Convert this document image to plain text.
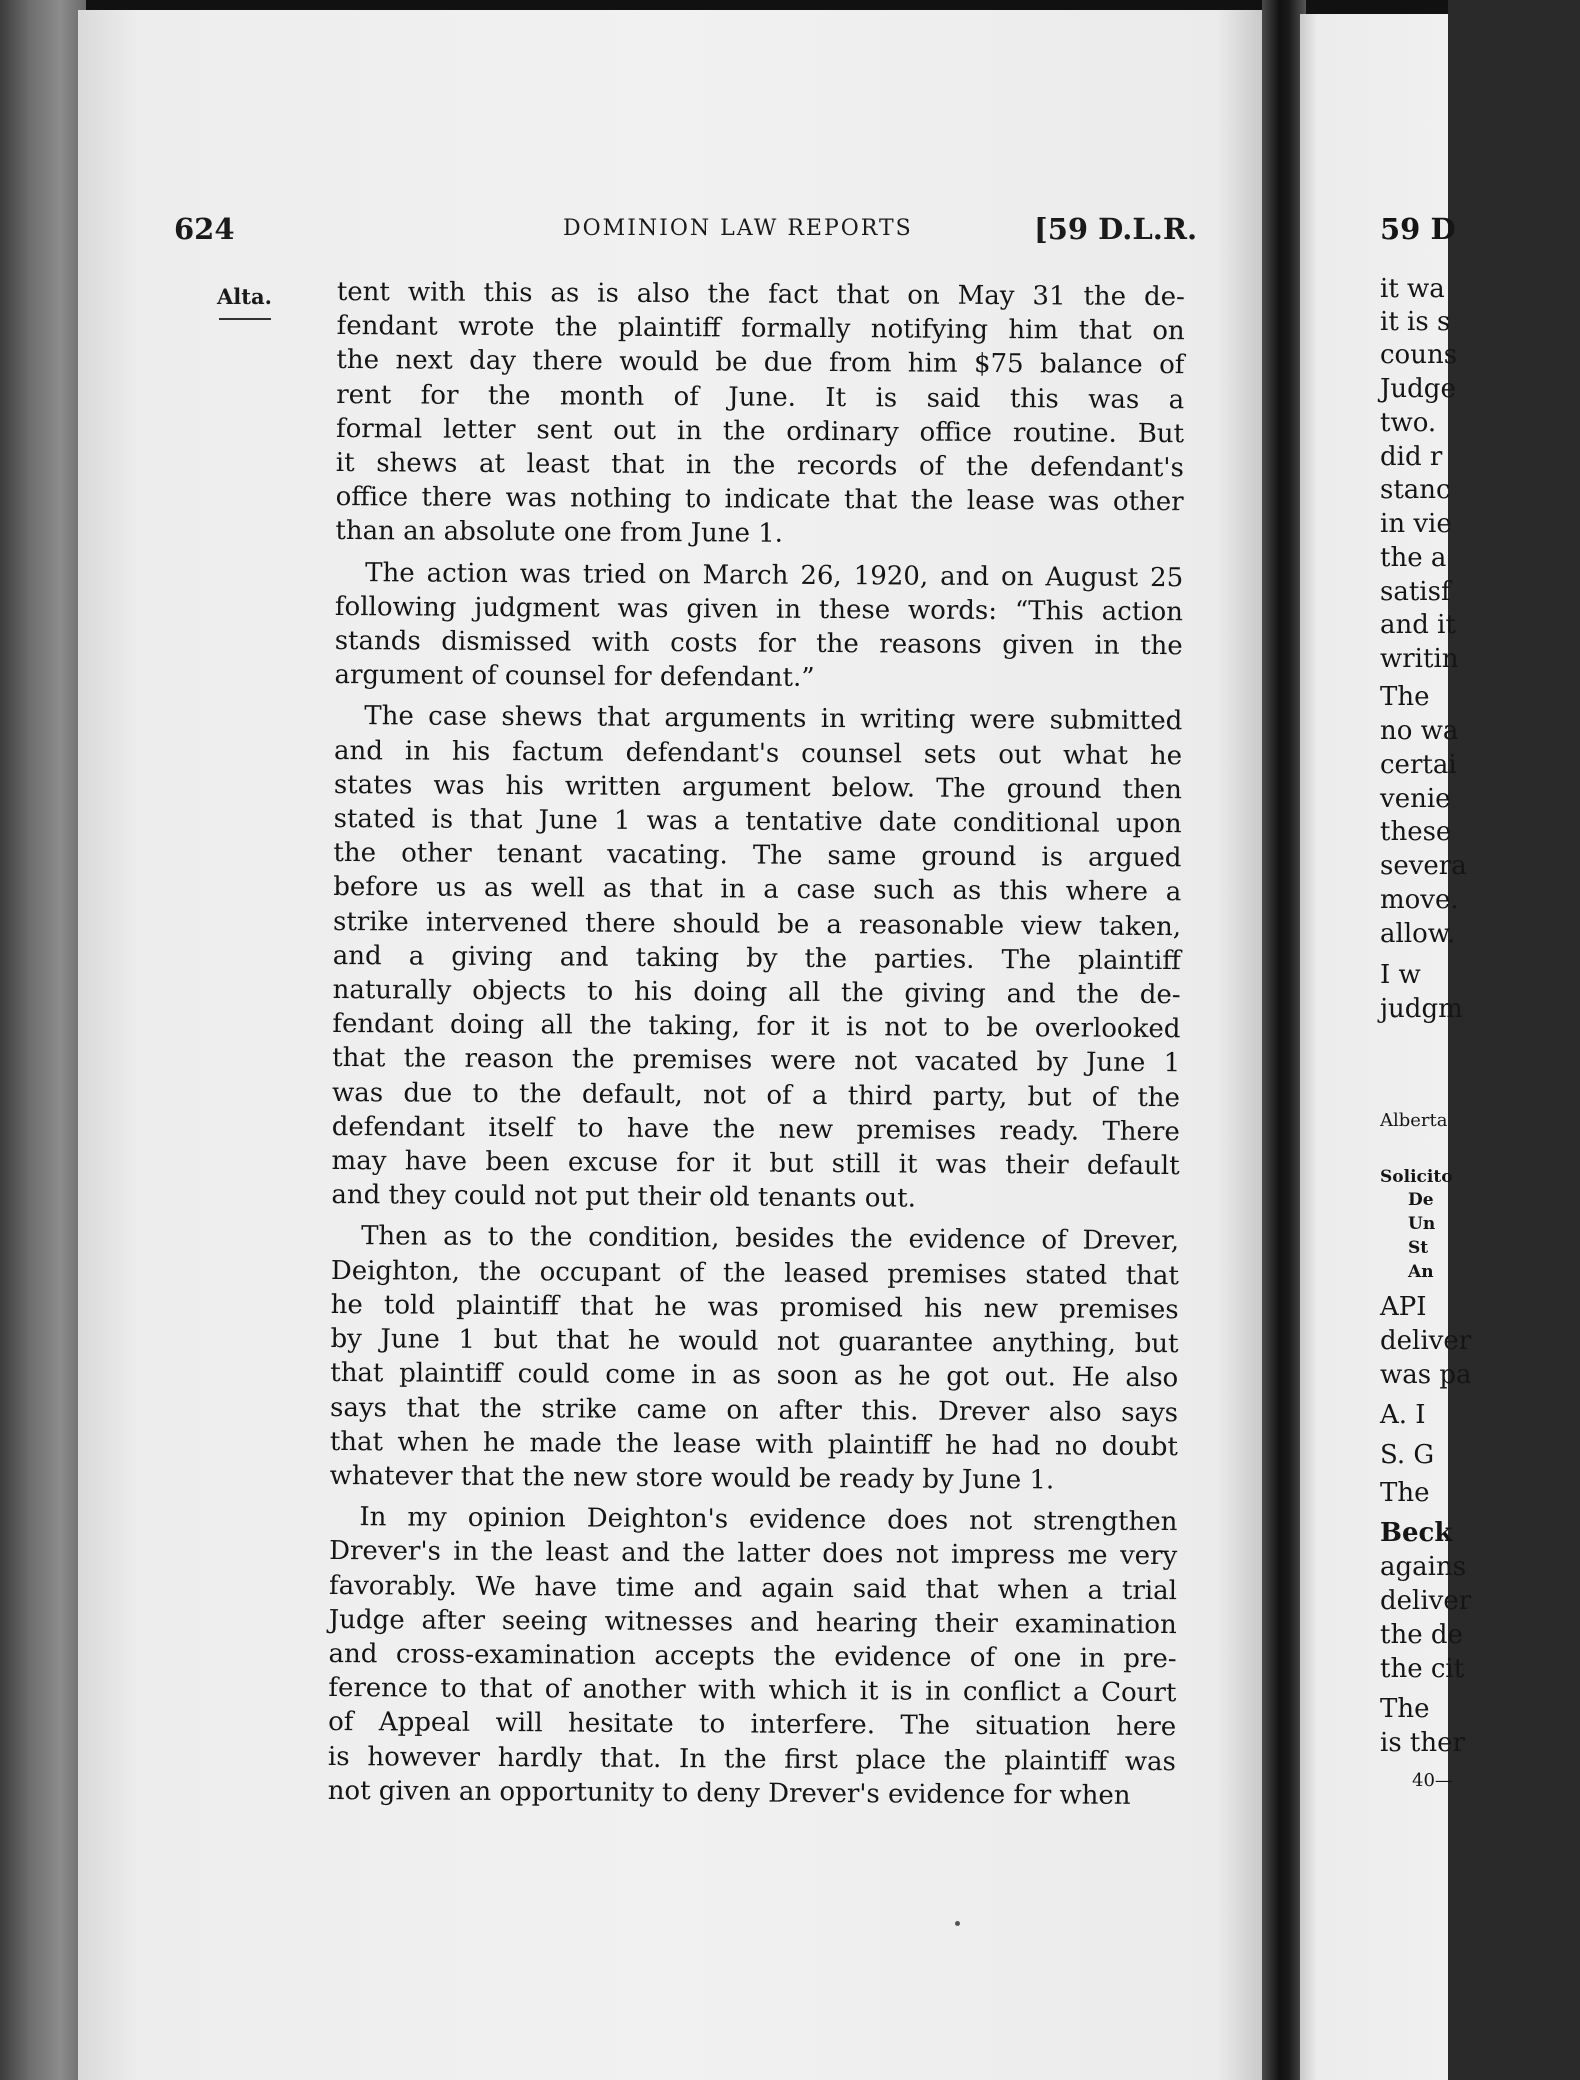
624	DOMINION LAW REPORTS	[59 D.L.R.
Alta. tent with this as is also the fact that on May 31 the de-
fendant wrote the plaintiff formally notifying him that on
the next day there would be due from him $75 balance of
rent for the month of June. It is said this was a
formal letter sent out in the ordinary office routine. But
it shews at least that in the records of the defendant's
office there was nothing to indicate that the lease was other
than an absolute one from June 1.

The action was tried on March 26, 1920, and on August 25
following judgment was given in these words: “This action
stands dismissed with costs for the reasons given in the
argument of counsel for defendant.”

The case shews that arguments in writing were submitted
and in his factum defendant's counsel sets out what he
states was his written argument below. The ground then
stated is that June 1 was a tentative date conditional upon
the other tenant vacating. The same ground is argued
before us as well as that in a case such as this where a
strike intervened there should be a reasonable view taken,
and a giving and taking by the parties. The plaintiff
naturally objects to his doing all the giving and the de-
fendant doing all the taking, for it is not to be overlooked
that the reason the premises were not vacated by June 1
was due to the default, not of a third party, but of the
defendant itself to have the new premises ready. There
may have been excuse for it but still it was their default
and they could not put their old tenants out.

Then as to the condition, besides the evidence of Drever,
Deighton, the occupant of the leased premises stated that
he told plaintiff that he was promised his new premises
by June 1 but that he would not guarantee anything, but
that plaintiff could come in as soon as he got out. He also
says that the strike came on after this. Drever also says
that when he made the lease with plaintiff he had no doubt
whatever that the new store would be ready by June 1.

In my opinion Deighton's evidence does not strengthen
Drever's in the least and the latter does not impress me very
favorably. We have time and again said that when a trial
Judge after seeing witnesses and hearing their examination
and cross-examination accepts the evidence of one in pre-
ference to that of another with which it is in conflict a Court
of Appeal will hesitate to interfere. The situation here
is however hardly that. In the first place the plaintiff was
not given an opportunity to deny Drever's evidence for when

59 D
it wa
it is s
couns
Judge
two.
did r
stanc
in vie
the a
satisf
and it
writin
The
no wa
certai
venie
these
severa
move.
allow.
I w
judgm
Alberta
Solicito
De
Un
St
An
API
deliver
was pa
A. I
S. G
The
Beck
agains
deliver
the de
the cit
The
is ther
40—
